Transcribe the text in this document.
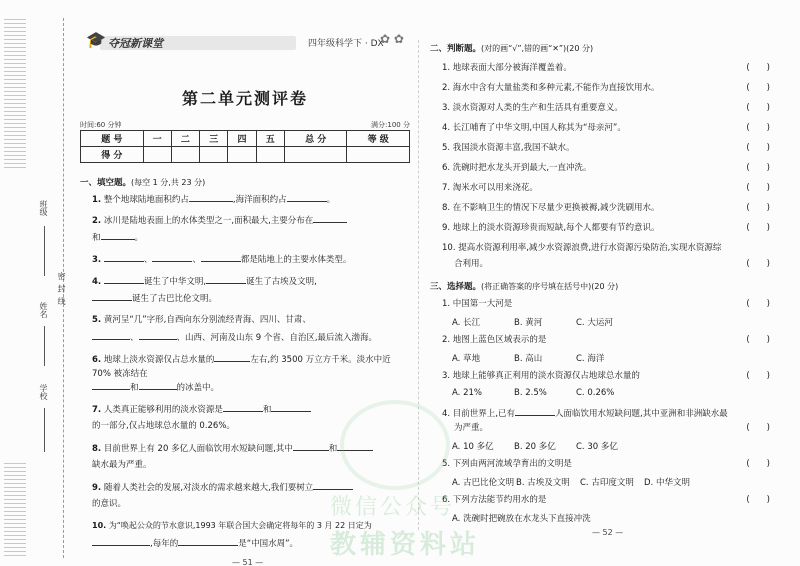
班级
姓名
学校
密 封 线
🎓 夺冠新课堂	四年级科学下 · DX
✿ ✿
第二单元测评卷
时间:60 分钟	满分:100 分
题 号	一	二	三	四	五	总 分	等 级
得 分							
一、填空题。(每空 1 分,共 23 分)
1. 整个地球陆地面积约占	,海洋面积约占	。
2. 冰川是陆地表面上的水体类型之一,面积最大,主要分布在
和	。
3.	、	、	都是陆地上的主要水体类型。
4.	诞生了中华文明,	诞生了古埃及文明,
诞生了古巴比伦文明。
5. 黄河呈“几”字形,自西向东分别流经青海、四川、甘肃、
、	、山西、河南及山东 9 个省、自治区,最后流入渤海。
6. 地球上淡水资源仅占总水量的	左右,约 3500 万立方千米。淡水中近 70% 被冻结在
和	的冰盖中。
7. 人类真正能够利用的淡水资源是	和
的一部分,仅占地球总水量的 0.26%。
8. 目前世界上有 20 多亿人面临饮用水短缺问题,其中	和
缺水最为严重。
9. 随着人类社会的发展,对淡水的需求越来越大,我们要树立
的意识。
10. 为“唤起公众的节水意识,1993 年联合国大会确定将每年的 3 月 22 日定为
,每年的	是“中国水周”。
— 51 —
二、判断题。(对的画“√”,错的画“✕”)(20 分)
1. 地球表面大部分被海洋覆盖着。	(　　)
2. 海水中含有大量盐类和多种元素,不能作为直接饮用水。	(　　)
3. 淡水资源对人类的生产和生活具有重要意义。	(　　)
4. 长江哺育了中华文明,中国人称其为“母亲河”。	(　　)
5. 我国淡水资源丰富,我国不缺水。	(　　)
6. 洗碗时把水龙头开到最大,一直冲洗。	(　　)
7. 淘米水可以用来浇花。	(　　)
8. 在不影响卫生的情况下尽量少更换被褥,减少洗刷用水。	(　　)
9. 地球上的淡水资源珍贵而短缺,每个人都要有节约意识。	(　　)
10. 提高水资源利用率,减少水资源浪费,进行水资源污染防治,实现水资源综
合利用。	(　　)
三、选择题。(将正确答案的序号填在括号中)(20 分)
1. 中国第一大河是	(　　)
A. 长江	B. 黄河	C. 大运河
2. 地图上蓝色区域表示的是	(　　)
A. 草地	B. 高山	C. 海洋
3. 地球上能够真正利用的淡水资源仅占地球总水量的	(　　)
A. 21%	B. 2.5%	C. 0.26%
4. 目前世界上,已有	人面临饮用水短缺问题,其中亚洲和非洲缺水最
为严重。	(　　)
A. 10 多亿 B. 20 多亿 C. 30 多亿
5. 下列由两河流域孕育出的文明是	(　　)
A. 古巴比伦文明 B. 古埃及文明 C. 古印度文明 D. 中华文明
6. 下列方法能节约用水的是	(　　)
A. 洗碗时把碗放在水龙头下直接冲洗
— 52 —
微信公众号
教辅资料站
